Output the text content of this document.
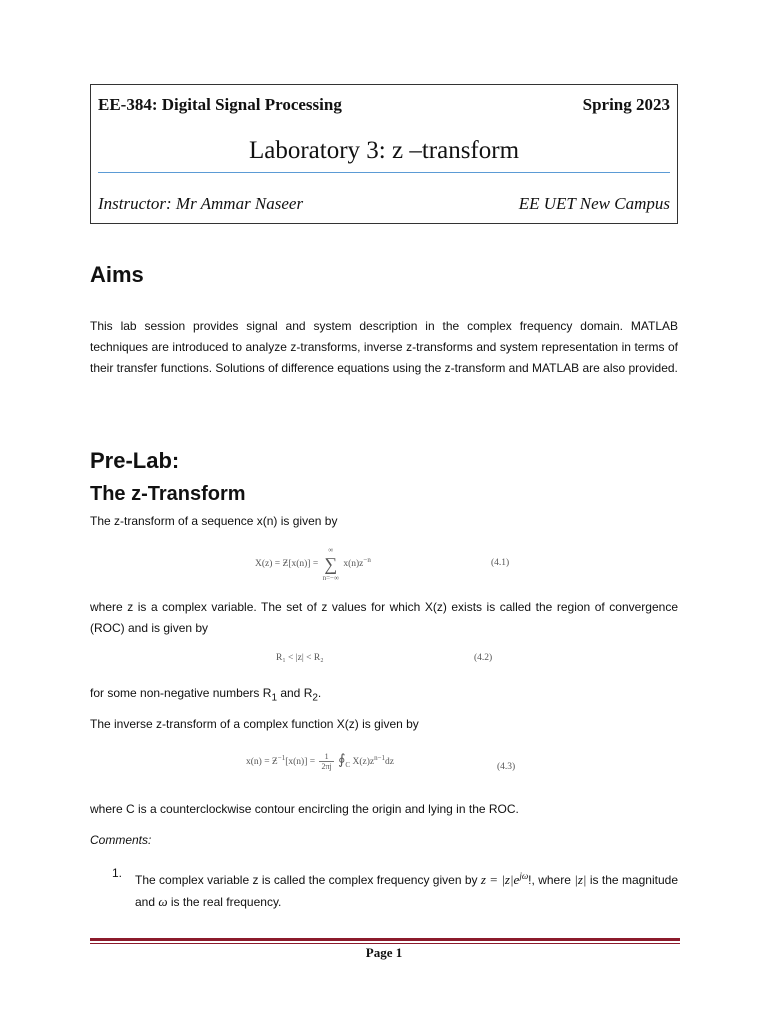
EE-384: Digital Signal Processing	Spring 2023
Laboratory 3: z –transform
Instructor: Mr Ammar Naseer	EE UET New Campus
Aims

This lab session provides signal and system description in the complex frequency domain. MATLAB techniques are introduced to analyze z-transforms, inverse z-transforms and system representation in terms of their transfer functions. Solutions of difference equations using the z-transform and MATLAB are also provided.

Pre-Lab:
The z-Transform

The z-transform of a sequence x(n) is given by

X(z) = Ƶ[x(n)] =
∞
∑
n=−∞
$x(n)z^{-n}$	(4.1)

where z is a complex variable. The set of z values for which X(z) exists is called the region of convergence (ROC) and is given by

R₁ < |z| < R₂	(4.2)

for some non-negative numbers $R_1$ and $R_2$.

The inverse z-transform of a complex function X(z) is given by

$x(n) = Ƶ^{-1}[x(n)] = \frac{1}{2\pi j}$ $∮_C$ $X(z)z^{n-1}dz$	(4.3)

where C is a counterclockwise contour encircling the origin and lying in the ROC.

Comments:
1. The complex variable z is called the complex frequency given by $z = |z|e^{j\omega}$!, where |z| is the magnitude and ω is the real frequency.
Page 1
